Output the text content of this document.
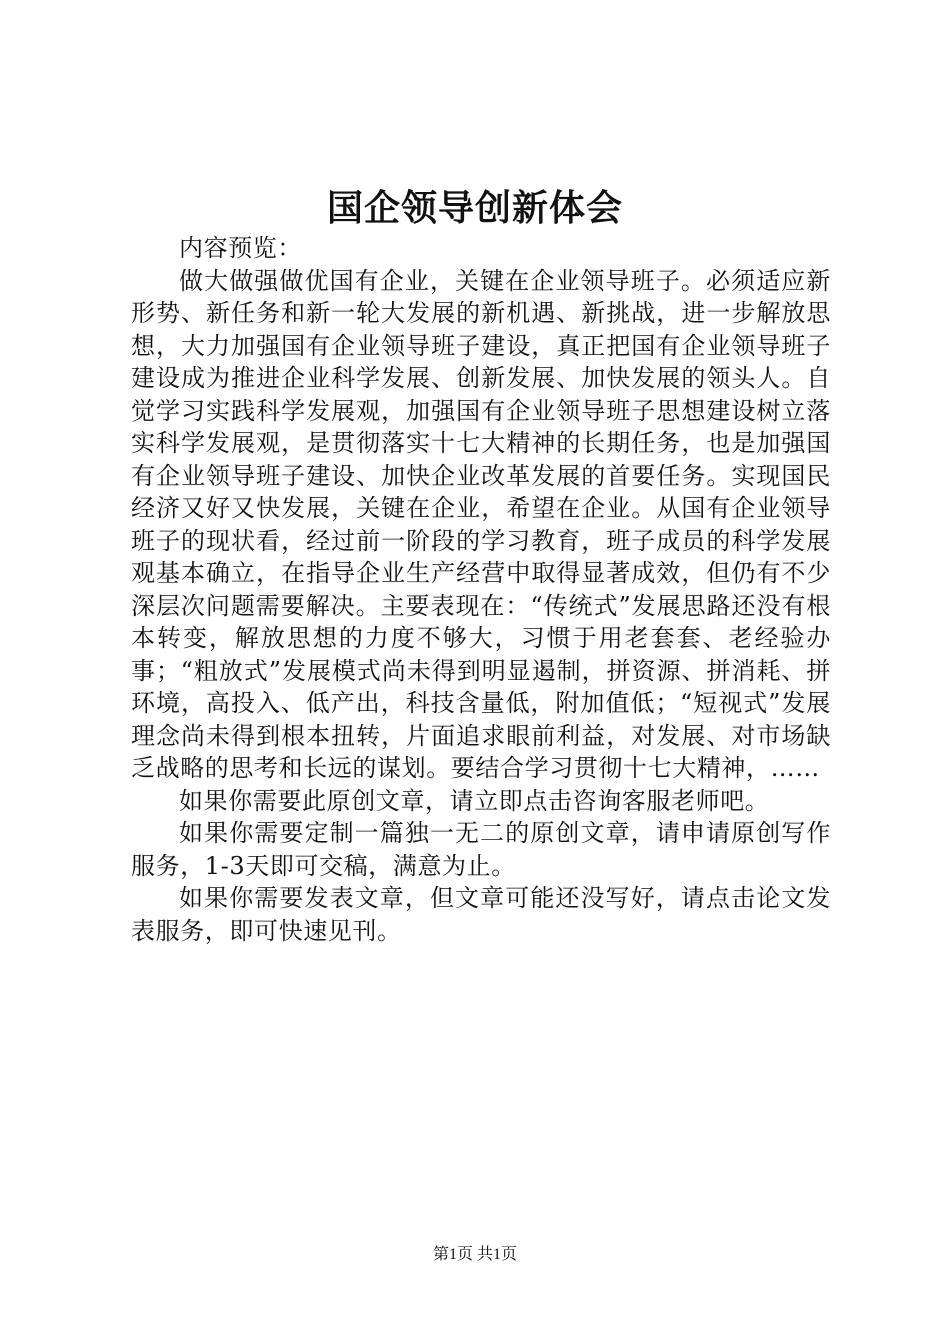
国企领导创新体会

内容预览：

做大做强做优国有企业，关键在企业领导班子。必须适应新形势、新任务和新一轮大发展的新机遇、新挑战，进一步解放思想，大力加强国有企业领导班子建设，真正把国有企业领导班子建设成为推进企业科学发展、创新发展、加快发展的领头人。自觉学习实践科学发展观，加强国有企业领导班子思想建设树立落实科学发展观，是贯彻落实十七大精神的长期任务，也是加强国有企业领导班子建设、加快企业改革发展的首要任务。实现国民经济又好又快发展，关键在企业，希望在企业。从国有企业领导班子的现状看，经过前一阶段的学习教育，班子成员的科学发展观基本确立，在指导企业生产经营中取得显著成效，但仍有不少深层次问题需要解决。主要表现在：“传统式”发展思路还没有根本转变，解放思想的力度不够大，习惯于用老套套、老经验办事；“粗放式”发展模式尚未得到明显遏制，拼资源、拼消耗、拼环境，高投入、低产出，科技含量低，附加值低；“短视式”发展理念尚未得到根本扭转，片面追求眼前利益，对发展、对市场缺乏战略的思考和长远的谋划。要结合学习贯彻十七大精神，……

如果你需要此原创文章，请立即点击咨询客服老师吧。

如果你需要定制一篇独一无二的原创文章，请申请原创写作服务，1-3天即可交稿，满意为止。

如果你需要发表文章，但文章可能还没写好，请点击论文发表服务，即可快速见刊。

第1页 共1页
